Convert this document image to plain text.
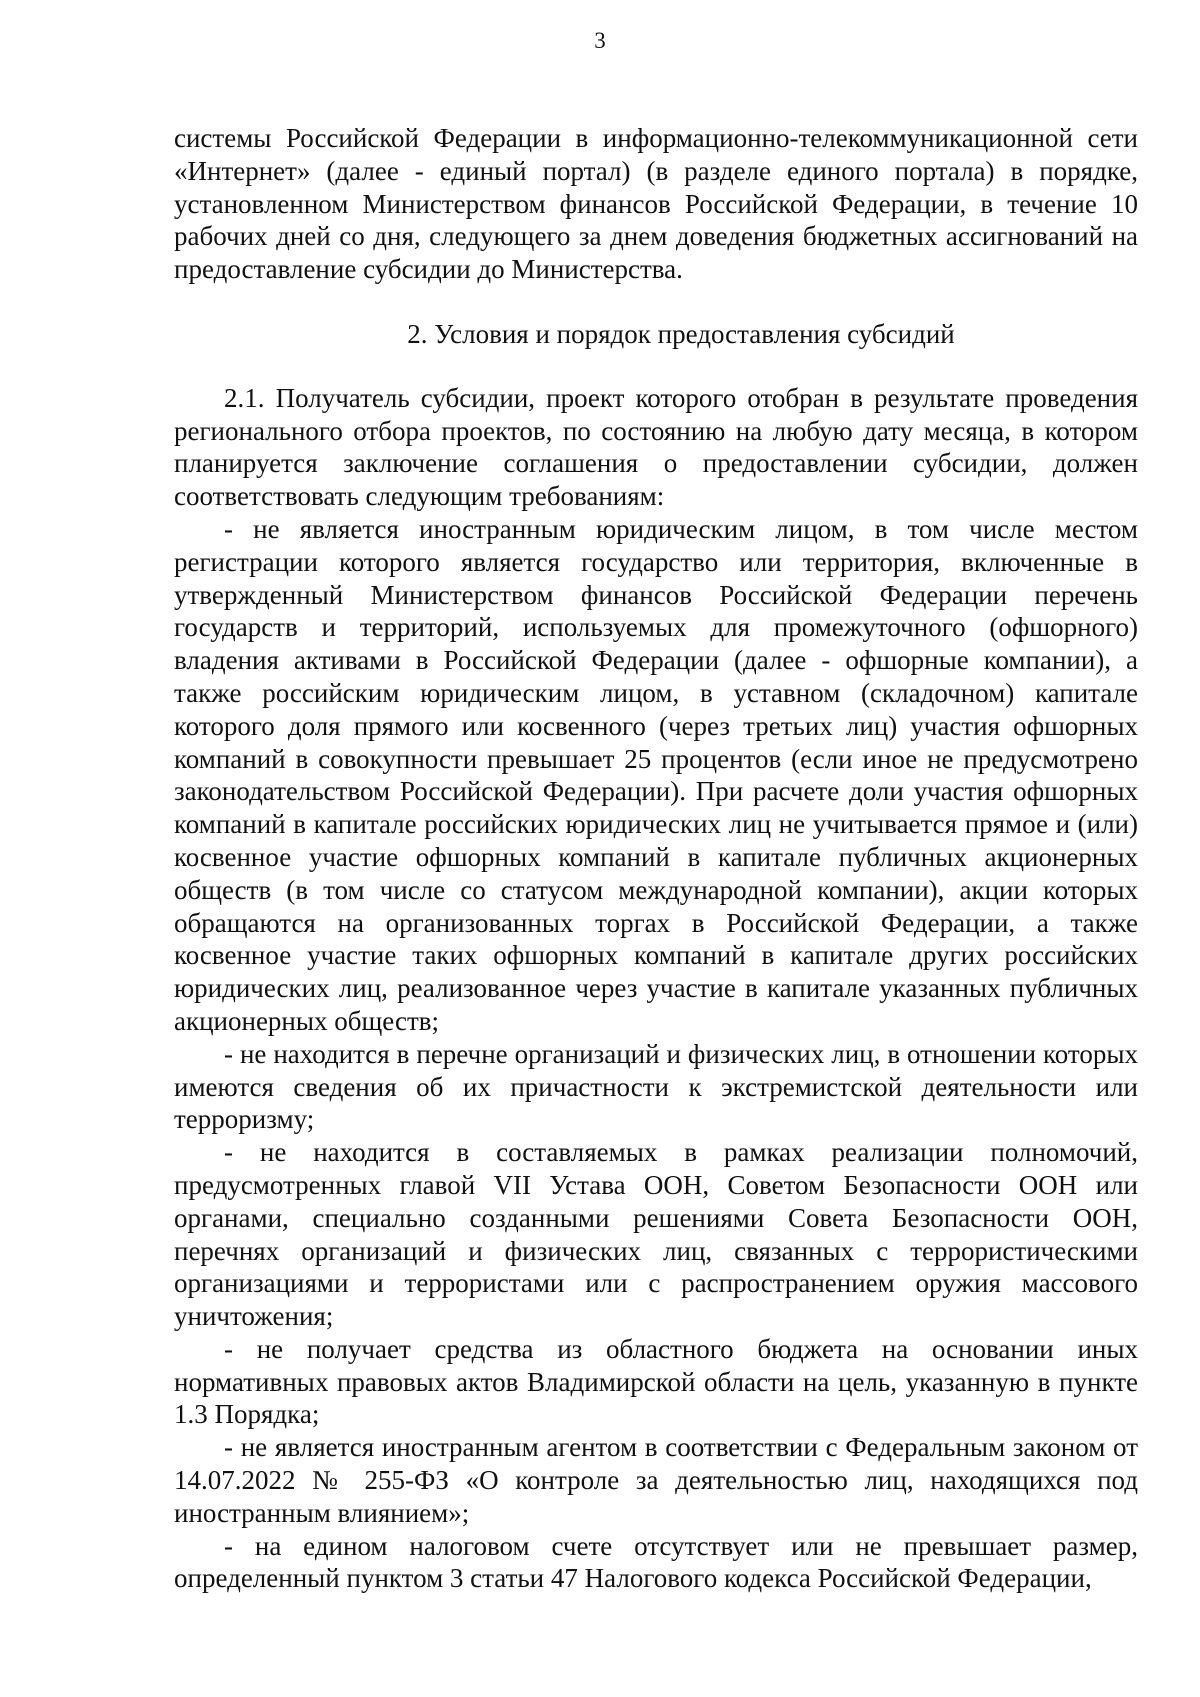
3

системы Российской Федерации в информационно-телекоммуникационной сети «Интернет» (далее - единый портал) (в разделе единого портала) в порядке, установленном Министерством финансов Российской Федерации, в течение 10 рабочих дней со дня, следующего за днем доведения бюджетных ассигнований на предоставление субсидии до Министерства.

2. Условия и порядок предоставления субсидий

2.1. Получатель субсидии, проект которого отобран в результате проведения регионального отбора проектов, по состоянию на любую дату месяца, в котором планируется заключение соглашения о предоставлении субсидии, должен соответствовать следующим требованиям:

- не является иностранным юридическим лицом, в том числе местом регистрации которого является государство или территория, включенные в утвержденный Министерством финансов Российской Федерации перечень государств и территорий, используемых для промежуточного (офшорного) владения активами в Российской Федерации (далее - офшорные компании), а также российским юридическим лицом, в уставном (складочном) капитале которого доля прямого или косвенного (через третьих лиц) участия офшорных компаний в совокупности превышает 25 процентов (если иное не предусмотрено законодательством Российской Федерации). При расчете доли участия офшорных компаний в капитале российских юридических лиц не учитывается прямое и (или) косвенное участие офшорных компаний в капитале публичных акционерных обществ (в том числе со статусом международной компании), акции которых обращаются на организованных торгах в Российской Федерации, а также косвенное участие таких офшорных компаний в капитале других российских юридических лиц, реализованное через участие в капитале указанных публичных акционерных обществ;

- не находится в перечне организаций и физических лиц, в отношении которых имеются сведения об их причастности к экстремистской деятельности или терроризму;

- не находится в составляемых в рамках реализации полномочий, предусмотренных главой VII Устава ООН, Советом Безопасности ООН или органами, специально созданными решениями Совета Безопасности ООН, перечнях организаций и физических лиц, связанных с террористическими организациями и террористами или с распространением оружия массового уничтожения;

- не получает средства из областного бюджета на основании иных нормативных правовых актов Владимирской области на цель, указанную в пункте 1.3 Порядка;

- не является иностранным агентом в соответствии с Федеральным законом от 14.07.2022 № 255-ФЗ «О контроле за деятельностью лиц, находящихся под иностранным влиянием»;

- на едином налоговом счете отсутствует или не превышает размер, определенный пунктом 3 статьи 47 Налогового кодекса Российской Федерации,
